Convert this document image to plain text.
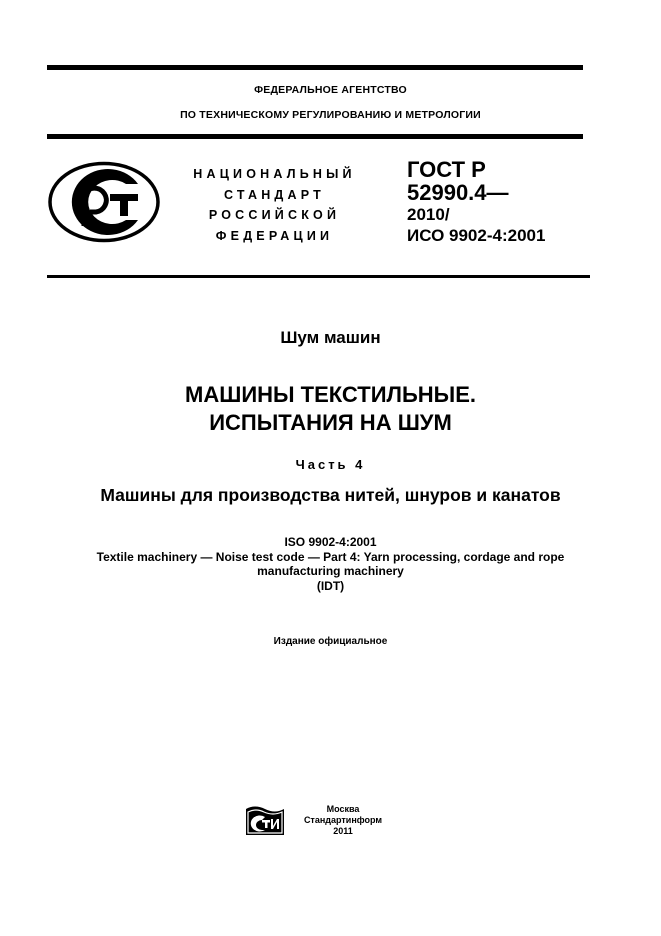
ФЕДЕРАЛЬНОЕ АГЕНТСТВО
ПО ТЕХНИЧЕСКОМУ РЕГУЛИРОВАНИЮ И МЕТРОЛОГИИ
НАЦИОНАЛЬНЫЙ
СТАНДАРТ
РОССИЙСКОЙ
ФЕДЕРАЦИИ
ГОСТ Р
52990.4—
2010/
ИСО 9902-4:2001
Шум машин
МАШИНЫ ТЕКСТИЛЬНЫЕ.
ИСПЫТАНИЯ НА ШУМ
Часть 4
Машины для производства нитей, шнуров и канатов
ISO 9902-4:2001
Textile machinery — Noise test code — Part 4: Yarn processing, cordage and rope
manufacturing machinery
(IDT)
Издание официальное
Москва
Стандартинформ
2011
